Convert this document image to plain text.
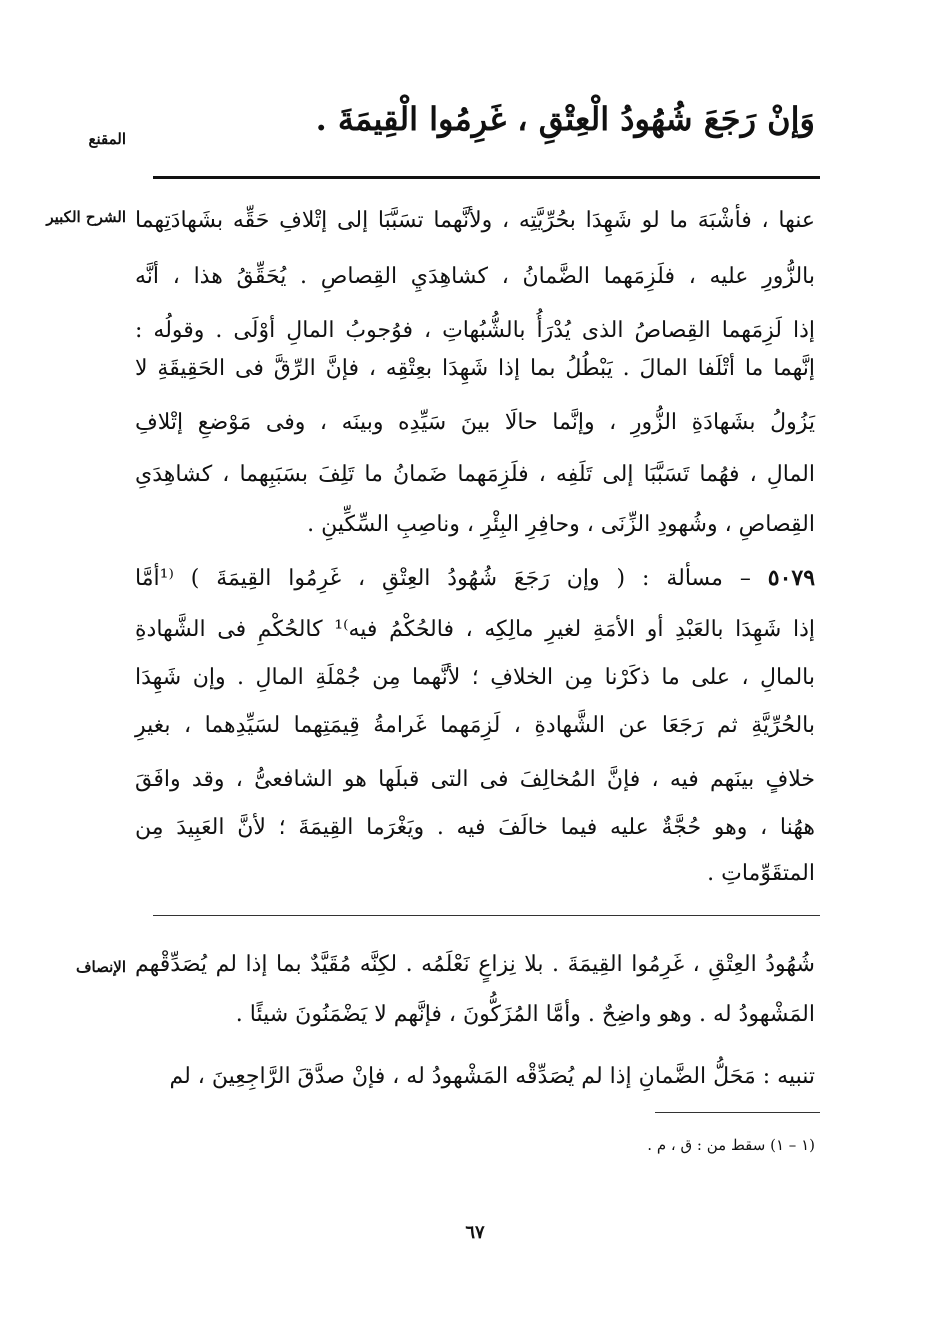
المقنع
وَإنْ رَجَعَ شُهُودُ الْعِتْقِ ، غَرِمُوا الْقِيمَةَ .
الشرح الكبير عنها ، فأشْبَهَ ما لو شَهِدَا بحُرِّيَّتِه ، ولأنَّهما تسَبَّبَا إلى إتْلافِ حَقِّه بشَهادَتِهما
بالزُّورِ عليه ، فلَزِمَهما الضَّمانُ ، كشاهِدَيِ القِصاصِ . يُحَقِّقُ هذا ، أنَّه
إذا لَزِمَهما القِصاصُ الذى يُدْرَأُ بالشُّبُهاتِ ، فوُجوبُ المالِ أوْلَى . وقولُه :
إنَّهما ما أتْلَفا المالَ . يَبْطُلُ بما إذا شَهِدَا بعِتْقِه ، فإنَّ الرِّقَّ فى الحَقِيقَةِ لا
يَزُولُ بشَهادَةِ الزُّورِ ، وإنَّما حالَا بينَ سَيِّدِه وبينَه ، وفى مَوْضعِ إتْلافِ
المالِ ، فهُما تَسَبَّبَا إلى تَلَفِه ، فلَزِمَهما ضَمانُ ما تَلِفَ بسَبَبِهما ، كشاهِدَىِ
القِصاصِ ، وشُهودِ الزِّنَى ، وحافِرِ البِئْرِ ، وناصِبِ السِّكِّينِ .
٥٠٧٩ – مسألة : ( وإن رَجَعَ شُهُودُ العِتْقِ ، غَرِمُوا القِيمَةَ ) ⁽¹أمَّا
إذا شَهِدَا بالعَبْدِ أو الأمَةِ لغيرِ مالِكِه ، فالحُكْمُ فيه⁾¹ كالحُكْمِ فى الشَّهادةِ
بالمالِ ، على ما ذكَرْنا مِن الخلافِ ؛ لأنَّهما مِن جُمْلَةِ المالِ . وإن شَهِدَا
بالحُرِّيَّةِ ثم رَجَعَا عن الشَّهادةِ ، لَزِمَهما غَرامةُ قِيمَتِهما لسَيِّدِهما ، بغيرِ
خلافٍ بينَهم فيه ، فإنَّ المُخالِفَ فى التى قبلَها هو الشافعىُّ ، وقد وافَقَ
ههُنا ، وهو حُجَّةٌ عليه فيما خالَفَ فيه . ويَغْرَما القِيمَةَ ؛ لأنَّ العَبِيدَ مِن
المتقَوِّماتِ .
الإنصاف شُهُودُ العِتْقِ ، غَرِمُوا القِيمَةَ . بلا نِزاعٍ نَعْلَمُه . لكِنَّه مُقَيَّدٌ بما إذا لم يُصَدِّقْهم
المَشْهودُ له . وهو واضِحٌ . وأمَّا المُزَكُّونَ ، فإنَّهم لا يَضْمَنُونَ شيئًا .
تنبيه : مَحَلُّ الضَّمانِ إذا لم يُصَدِّقْه المَشْهودُ له ، فإنْ صدَّقَ الرَّاجِعِينَ ، لم
(١ – ١) سقط من : ق ، م .
٦٧
